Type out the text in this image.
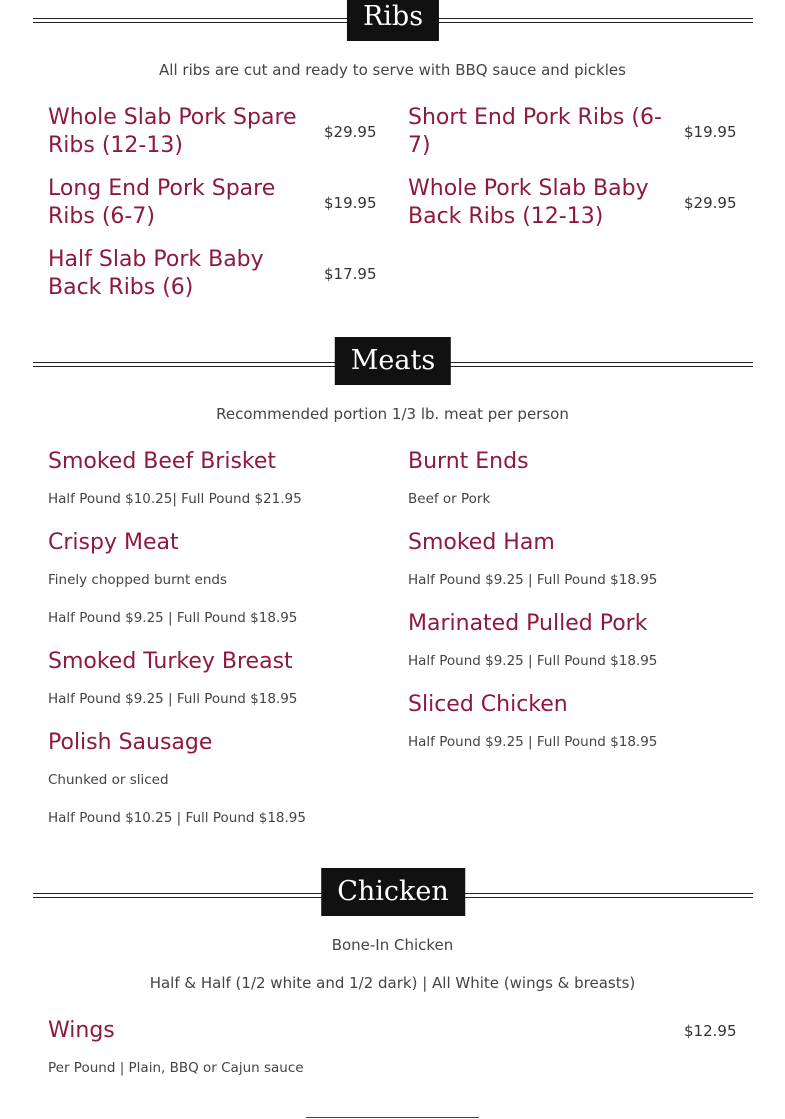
Ribs
All ribs are cut and ready to serve with BBQ sauce and pickles
Whole Slab Pork Spare Ribs (12-13)
$29.95
Short End Pork Ribs (6-7)
$19.95
Long End Pork Spare Ribs (6-7)
$19.95
Whole Pork Slab Baby Back Ribs (12-13)
$29.95
Half Slab Pork Baby Back Ribs (6)
$17.95
Meats
Recommended portion 1/3 lb. meat per person
Smoked Beef Brisket
Half Pound $10.25| Full Pound $21.95
Crispy Meat
Finely chopped burnt ends
Half Pound $9.25 | Full Pound $18.95
Smoked Turkey Breast
Half Pound $9.25 | Full Pound $18.95
Polish Sausage
Chunked or sliced
Half Pound $10.25 | Full Pound $18.95
Burnt Ends
Beef or Pork
Smoked Ham
Half Pound $9.25 | Full Pound $18.95
Marinated Pulled Pork
Half Pound $9.25 | Full Pound $18.95
Sliced Chicken
Half Pound $9.25 | Full Pound $18.95
Chicken
Bone-In Chicken
Half & Half (1/2 white and 1/2 dark) | All White (wings & breasts)
Wings	$12.95
Per Pound | Plain, BBQ or Cajun sauce
